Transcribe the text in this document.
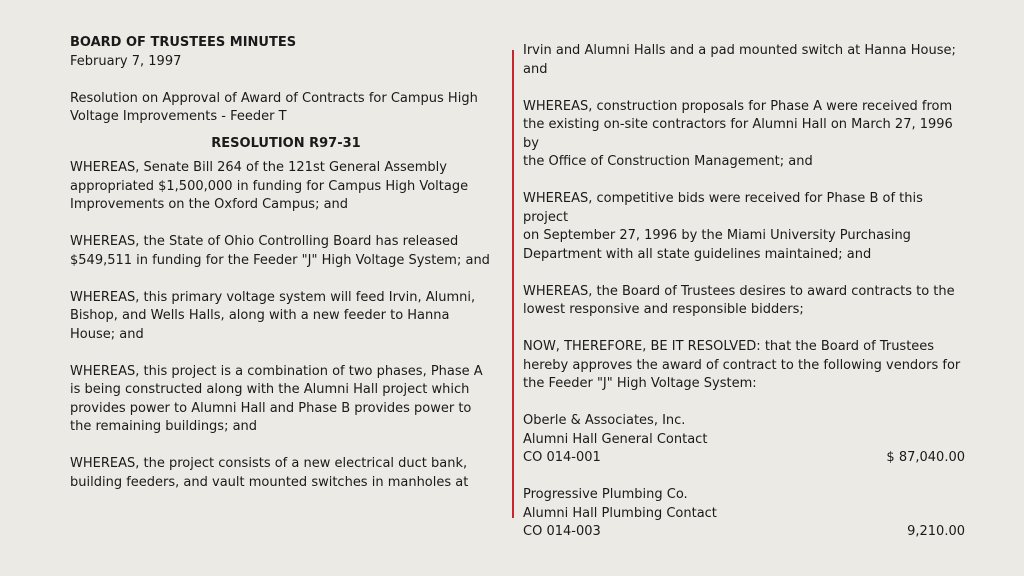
BOARD OF TRUSTEES MINUTES

February 7, 1997

Resolution on Approval of Award of Contracts for Campus High
Voltage Improvements - Feeder T

RESOLUTION R97-31

WHEREAS, Senate Bill 264 of the 121st General Assembly
appropriated $1,500,000 in funding for Campus High Voltage
Improvements on the Oxford Campus; and
WHEREAS, the State of Ohio Controlling Board has released
$549,511 in funding for the Feeder "J" High Voltage System; and
WHEREAS, this primary voltage system will feed Irvin, Alumni,
Bishop, and Wells Halls, along with a new feeder to Hanna
House; and
WHEREAS, this project is a combination of two phases, Phase A
is being constructed along with the Alumni Hall project which
provides power to Alumni Hall and Phase B provides power to
the remaining buildings; and
WHEREAS, the project consists of a new electrical duct bank,
building feeders, and vault mounted switches in manholes at
Irvin and Alumni Halls and a pad mounted switch at Hanna House;
and
WHEREAS, construction proposals for Phase A were received from
the existing on-site contractors for Alumni Hall on March 27, 1996 by
the Office of Construction Management; and
WHEREAS, competitive bids were received for Phase B of this project
on September 27, 1996 by the Miami University Purchasing
Department with all state guidelines maintained; and
WHEREAS, the Board of Trustees desires to award contracts to the
lowest responsive and responsible bidders;
NOW, THEREFORE, BE IT RESOLVED: that the Board of Trustees
hereby approves the award of contract to the following vendors for
the Feeder "J" High Voltage System:
Oberle & Associates, Inc.
Alumni Hall General Contact
CO 014-001	$ 87,040.00
Progressive Plumbing Co.
Alumni Hall Plumbing Contact
CO 014-003	9,210.00
